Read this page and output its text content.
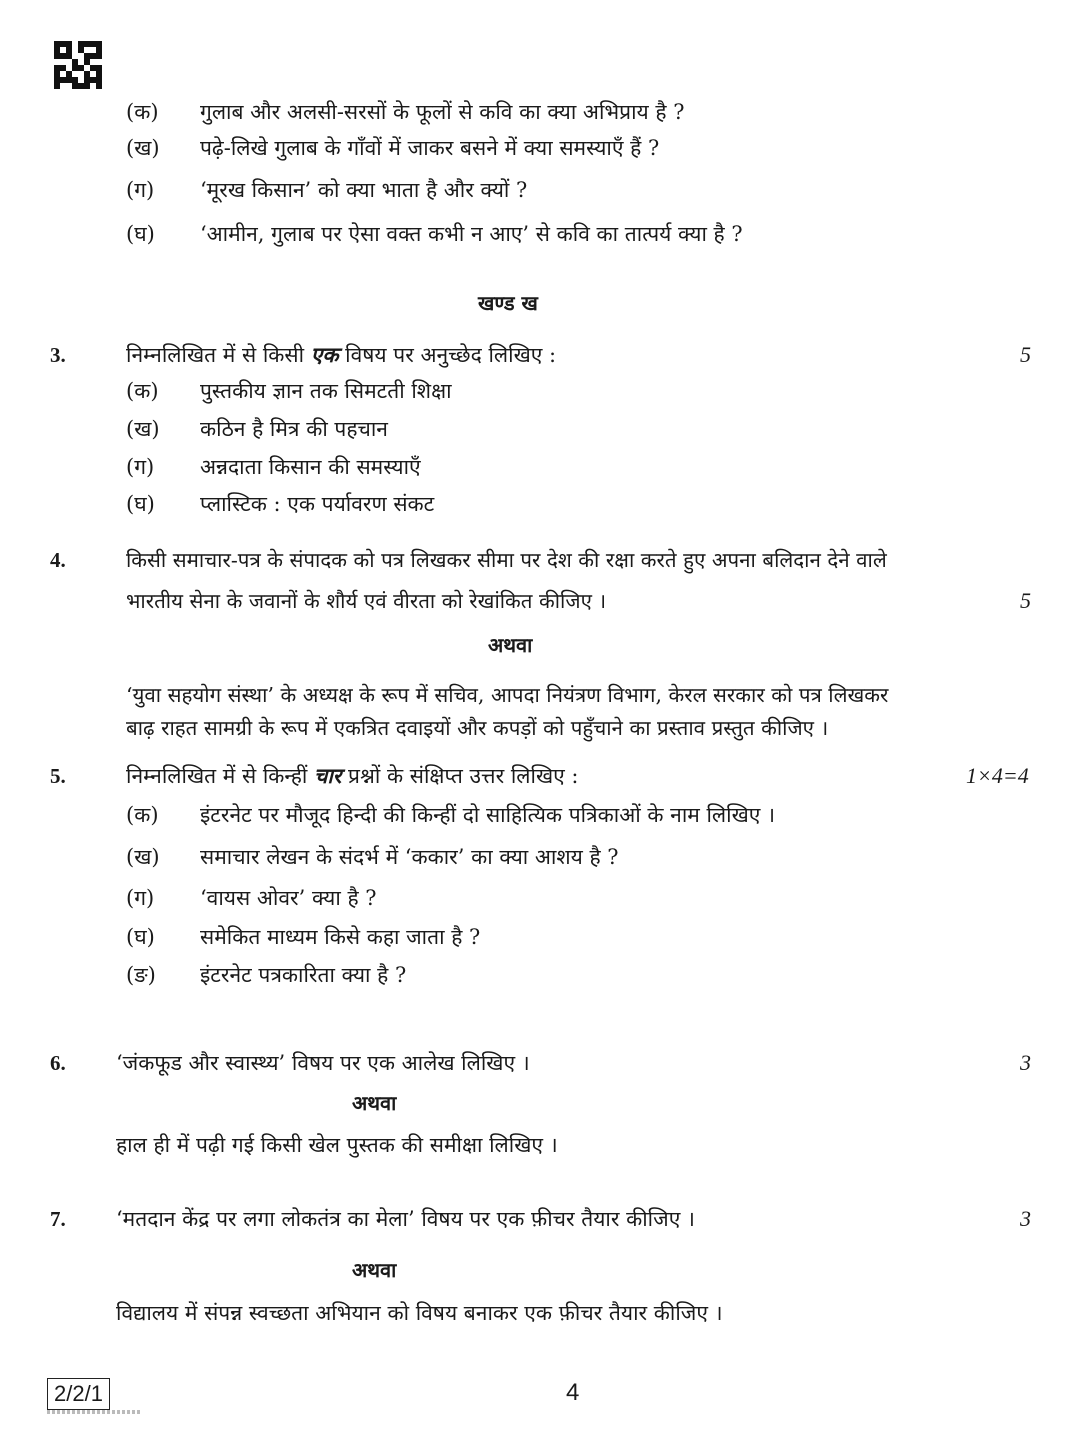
(क) गुलाब और अलसी-सरसों के फूलों से कवि का क्या अभिप्राय है ?
(ख) पढ़े-लिखे गुलाब के गाँवों में जाकर बसने में क्या समस्याएँ हैं ?
(ग) ‘मूरख किसान’ को क्या भाता है और क्यों ?
(घ) ‘आमीन, गुलाब पर ऐसा वक्त कभी न आए’ से कवि का तात्पर्य क्या है ?
खण्ड ख
3.	निम्नलिखित में से किसी एक विषय पर अनुच्छेद लिखिए :	5
(क) पुस्तकीय ज्ञान तक सिमटती शिक्षा
(ख) कठिन है मित्र की पहचान
(ग) अन्नदाता किसान की समस्याएँ
(घ) प्लास्टिक : एक पर्यावरण संकट
4.	किसी समाचार-पत्र के संपादक को पत्र लिखकर सीमा पर देश की रक्षा करते हुए अपना बलिदान देने वाले
भारतीय सेना के जवानों के शौर्य एवं वीरता को रेखांकित कीजिए ।	5
अथवा
‘युवा सहयोग संस्था’ के अध्यक्ष के रूप में सचिव, आपदा नियंत्रण विभाग, केरल सरकार को पत्र लिखकर
बाढ़ राहत सामग्री के रूप में एकत्रित दवाइयों और कपड़ों को पहुँचाने का प्रस्ताव प्रस्तुत कीजिए ।
5.	निम्नलिखित में से किन्हीं चार प्रश्नों के संक्षिप्त उत्तर लिखिए :	1×4=4
(क) इंटरनेट पर मौजूद हिन्दी की किन्हीं दो साहित्यिक पत्रिकाओं के नाम लिखिए ।
(ख) समाचार लेखन के संदर्भ में ‘ककार’ का क्या आशय है ?
(ग) ‘वायस ओवर’ क्या है ?
(घ) समेकित माध्यम किसे कहा जाता है ?
(ङ) इंटरनेट पत्रकारिता क्या है ?
6. ‘जंकफूड और स्वास्थ्य’ विषय पर एक आलेख लिखिए ।	3
अथवा
हाल ही में पढ़ी गई किसी खेल पुस्तक की समीक्षा लिखिए ।
7. ‘मतदान केंद्र पर लगा लोकतंत्र का मेला’ विषय पर एक फ़ीचर तैयार कीजिए ।	3
अथवा
विद्यालय में संपन्न स्वच्छता अभियान को विषय बनाकर एक फ़ीचर तैयार कीजिए ।
2/2/1	4
